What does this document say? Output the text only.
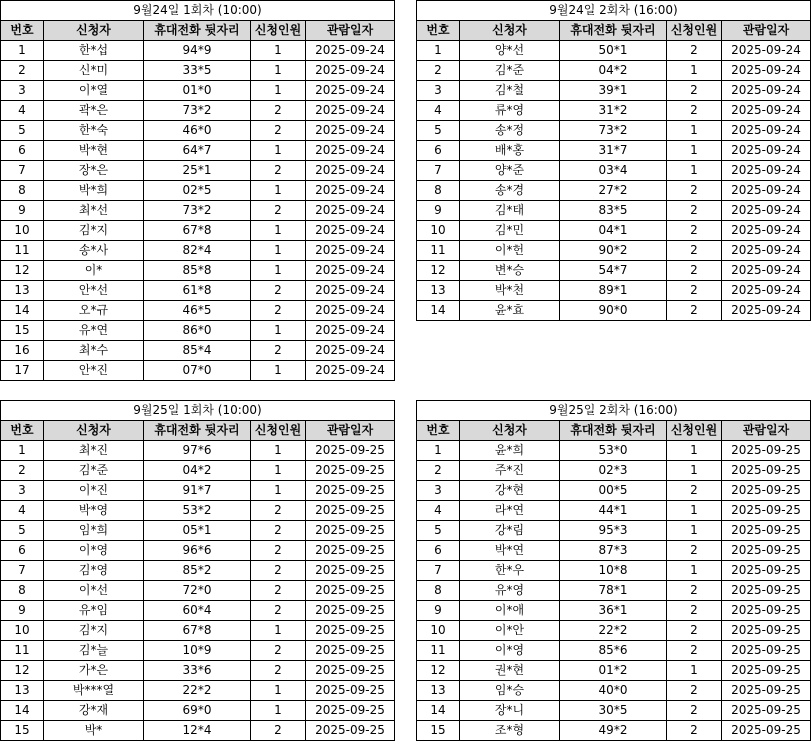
9월24일 1회차 (10:00)				
번호	신청자	휴대전화 뒷자리	신청인원	관람일자
1	한*섭	94*9	1	2025-09-24
2	신*미	33*5	1	2025-09-24
3	이*열	01*0	1	2025-09-24
4	곽*은	73*2	2	2025-09-24
5	한*숙	46*0	2	2025-09-24
6	박*현	64*7	1	2025-09-24
7	장*은	25*1	2	2025-09-24
8	박*희	02*5	1	2025-09-24
9	최*선	73*2	2	2025-09-24
10	김*지	67*8	1	2025-09-24
11	송*사	82*4	1	2025-09-24
12	이*	85*8	1	2025-09-24
13	안*선	61*8	2	2025-09-24
14	오*규	46*5	2	2025-09-24
15	유*연	86*0	1	2025-09-24
16	최*수	85*4	2	2025-09-24
17	안*진	07*0	1	2025-09-24
9월24일 2회차 (16:00)				
번호	신청자	휴대전화 뒷자리	신청인원	관람일자
1	양*선	50*1	2	2025-09-24
2	김*준	04*2	1	2025-09-24
3	김*철	39*1	2	2025-09-24
4	류*영	31*2	2	2025-09-24
5	송*정	73*2	1	2025-09-24
6	배*홍	31*7	1	2025-09-24
7	양*준	03*4	1	2025-09-24
8	송*경	27*2	2	2025-09-24
9	김*태	83*5	2	2025-09-24
10	김*민	04*1	2	2025-09-24
11	이*헌	90*2	2	2025-09-24
12	변*승	54*7	2	2025-09-24
13	박*천	89*1	2	2025-09-24
14	윤*효	90*0	2	2025-09-24
9월25일 1회차 (10:00)				
번호	신청자	휴대전화 뒷자리	신청인원	관람일자
1	최*진	97*6	1	2025-09-25
2	김*준	04*2	1	2025-09-25
3	이*진	91*7	1	2025-09-25
4	박*영	53*2	2	2025-09-25
5	임*희	05*1	2	2025-09-25
6	이*영	96*6	2	2025-09-25
7	김*영	85*2	2	2025-09-25
8	이*선	72*0	2	2025-09-25
9	유*임	60*4	2	2025-09-25
10	김*지	67*8	1	2025-09-25
11	김*늘	10*9	2	2025-09-25
12	가*은	33*6	2	2025-09-25
13	박***열	22*2	1	2025-09-25
14	강*재	69*0	1	2025-09-25
15	박*	12*4	2	2025-09-25
9월25일 2회차 (16:00)				
번호	신청자	휴대전화 뒷자리	신청인원	관람일자
1	윤*희	53*0	1	2025-09-25
2	주*진	02*3	1	2025-09-25
3	강*현	00*5	2	2025-09-25
4	라*연	44*1	1	2025-09-25
5	강*림	95*3	1	2025-09-25
6	박*연	87*3	2	2025-09-25
7	한*우	10*8	1	2025-09-25
8	유*영	78*1	2	2025-09-25
9	이*애	36*1	2	2025-09-25
10	이*안	22*2	2	2025-09-25
11	이*영	85*6	2	2025-09-25
12	권*현	01*2	1	2025-09-25
13	임*승	40*0	2	2025-09-25
14	장*니	30*5	2	2025-09-25
15	조*형	49*2	2	2025-09-25
